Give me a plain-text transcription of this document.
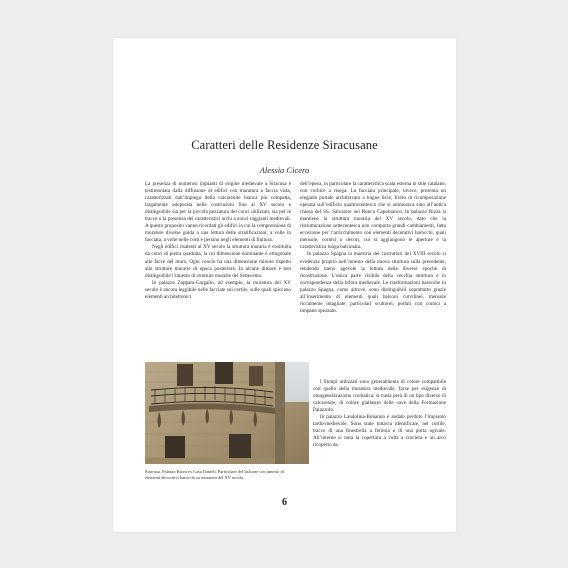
Caratteri delle Residenze Siracusane
Alessia Cicero

La presenza di numerosi impianti di origine medievale a Siracusa è testimoniata dalla diffusione di edifici con muratura a faccia vista, caratterizzati dall’impiego della calcarenite bianca più compatta, largamente adoperata nelle costruzioni fino al XV secolo e distinguibile sia per la piccola pezzatura dei conci utilizzati, sia per le tracce o la presenza dei caratteristici archi a conci raggianti medievali. A questo proposito vanno ricordati gli edifici in cui la comprensione di murature diverse guida a una lettura delle stratificazioni, a volte in facciata, a volte nelle corti e persino negli elementi di finitura.

Negli edifici risalenti al XV secolo la struttura muraria è costituita da conci di pietra quadrata, la cui dimensione dominante è ortogonale alle facce del muro. Ogni concio ha una dimensione minore rispetto alle strutture murarie di epoca posteriore. In alcune dimore è ben distinguibile l’innesto di strutture murarie del Settecento.

In palazzo Zappata-Gargallo, ad esempio, la muratura del XV secolo è ancora leggibile nelle facciate sul cortile, sulle quali spiccano elementi architettonici

dell’epoca, in particolare la caratteristica scala esterna in stile catalano, con cornice a risega. La facciata principale, invece, presenta un elegante portale architravato a bugne lisce, frutto di ricomposizione operata sull’edificio quattrocentesco che si ammorava sino all’antica chiesa del SS. Salvatore nel Ronco Capobianco. In palazzo Rizza si mantiene la struttura muraria del XV secolo, dato che la ristrutturazione settecentesca non comporta grandi cambiamenti, fatta eccezione per l’arricchimento con elementi decorativi barocchi, quali mensole, cornici o decori, cui si aggiungono le aperture e la caratteristica lunga balconata.

In palazzo Spagna la maestria dei costruttori del XVIII secolo si evidenzia proprio nell’innesto della nuova struttura sulla precedente, rendendo meno agevole la lettura delle diverse epoche di ricostruzione. L’unica parte visibile della vecchia struttura è in corrispondenza della bifora medievale. Le trasformazioni barocche in palazzo Spagna, come altrove, sono distinguibili soprattutto grazie all’inserimento di elementi quali balconi curvilinei, mensole riccamente intagliate, particolari scultorei, portali con cornici a timpano spezzato.

Siracusa. Palazzo Rizza ex Casa Danieli. Particolare del balcone con innesto di elementi decorativi barocchi su muratura del XV secolo.

I litotipi utilizzati sono generalmente di colore compatibile con quello della muratura medievale, forse per esigenze di omogeneizzazione cromatica: si tratta però di un tipo diverso di calcarenite, di colore giallastro delle cave della Formazione Palazzolo.

In palazzo Landolina-Bonanno è andato perduto l’impianto tardo-medievale. Sono state tuttavia identificate, nel cortile, tracce di una finestrella a feritoia e di una porta ogivale. All’interno si nota la copertura a volta a crociera e un arco ricoperto da

6
